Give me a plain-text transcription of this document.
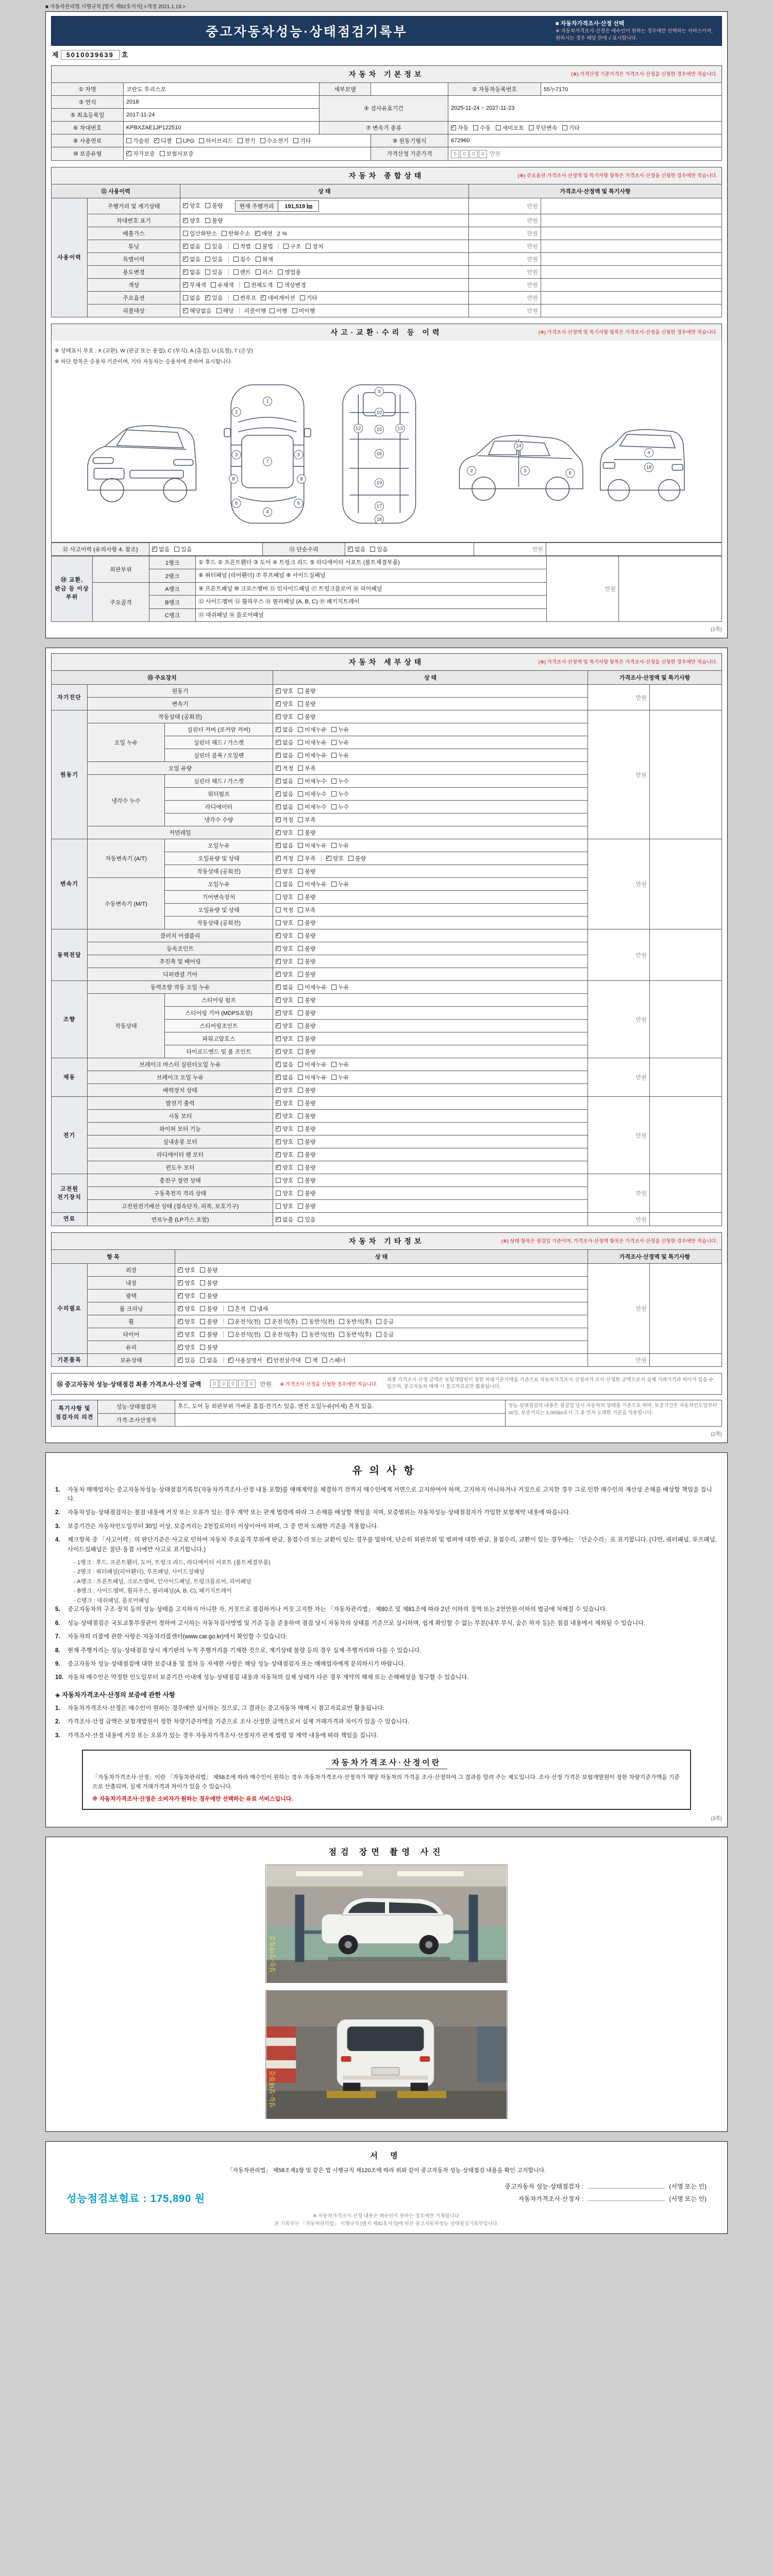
■ 자동차관리법 시행규칙 [별지 제82호서식] <개정 2021.1.19.>
중고자동차성능·상태점검기록부
■ 자동차가격조사·산정 선택
※ 자동차가격조사·산정은 매수인이 원하는 경우에만 선택하는 서비스이며, 원하시는 경우 해당 란에 √ 표시합니다.
제 5010039639 호
자동차 기본정보	(※) 가격산정 기준가격은 가격조사·산정을 신청한 경우에만 적습니다.
① 차명	코란도 투리스모	세부모델		② 자동차등록번호	55누7170
③ 연식	2018	④ 검사유효기간		2025-11-24 ~ 2027-11-23	
⑤ 최초등록일	2017-11-24				
⑥ 차대번호	KPBXZAE1JP122510	⑦ 변속기 종류	✓자동 수동 세미오토 무단변속 기타
⑧ 사용연료	가솔린 ✓ 디젤 LPG 하이브리드 전기 수소전기 기타		⑨ 원동기형식	672960	
⑩ 보증유형	✓자가보증 보험사보증		가격산정 기준가격	0 0 0 0 만원	
자동차 종합상태	(※) 주요옵션·가격조사·산정액 및 특기사항 항목은 가격조사·산정을 신청한 경우에만 적습니다.
⑪ 사용이력		상 태	가격조사·산정액 및 특기사항	
사용이력	주행거리 및 계기상태	✓양호 불량 현재 주행거리 191,519 ㎞	만원	
	차대번호 표기	✓양호 불량	만원	
	배출가스	일산화탄소 탄화수소 ✓ 매연 2 %	만원	
	튜닝	✓없음 있음 적법 불법 구조 장치	만원	
	특별이력	✓없음 있음 침수 화재	만원	
	용도변경	✓없음 있음 렌트 리스 영업용	만원	
	색상	✓무채색 유채색 전체도색 색상변경	만원	
	주요옵션	없음 ✓ 있음 썬루프 ✓ 네비게이션 기타	만원	
	리콜대상	✓해당없음 해당 리콜이행 이행 미이행	만원	
사고·교환·수리 등 이력	(※) 가격조사·산정액 및 특기사항 항목은 가격조사·산정을 신청한 경우에만 적습니다.
※ 상태표시 부호 : X (교환), W (판금 또는 용접), C (부식), A (흠집), U (요철), T (손상)
※ 하단 항목은 승용차 기준이며, 기타 자동차는 승용차에 준하여 표시합니다.
1
2
3	3
4
6	6
7
8	8
9
10
12	13
15
16
19
17
18
2	3	6
14
4
18
⑫ 사고이력 (유의사항 4. 참조)	✓없음 있음	⑬ 단순수리	✓없음 있음	만원	
⑭ 교환, 판금 등 이상 부위	외판부위	1랭크	① 후드 ② 프론트휀더 ③ 도어 ④ 트렁크 리드 ⑤ 라디에이터 서포트 (볼트체결부품)	만원	
		2랭크	⑥ 쿼터패널 (리어휀더) ⑦ 루프패널 ⑧ 사이드실패널		
	주요골격	A랭크	⑨ 프론트패널 ⑩ 크로스멤버 ⑪ 인사이드패널 ⑰ 트렁크플로어 ⑱ 리어패널		
		B랭크	⑫ 사이드멤버 ⑬ 휠하우스 ⑭ 필러패널 (A, B, C) ⑲ 패키지트레이		
		C랭크	⑮ 대쉬패널 ⑯ 플로어패널		
(1쪽)
자동차 세부상태	(※) 가격조사·산정액 및 특기사항 항목은 가격조사·산정을 신청한 경우에만 적습니다.
⑮ 주요장치			상 태	가격조사·산정액 및 특기사항	
자기진단	원동기	✓양호 불량	만원	
	변속기	✓양호 불량
원동기	작동상태 (공회전)	✓양호 불량	만원	
	오일 누유	실린더 커버 (로커암 커버)	✓없음 미세누유 누유
		실린더 헤드 / 가스켓	✓없음 미세누유 누유
		실린더 블록 / 오일팬	✓없음 미세누유 누유
	오일 유량	✓적정 부족
	냉각수 누수	실린더 헤드 / 가스켓	✓없음 미세누수 누수
		워터펌프	✓없음 미세누수 누수
		라디에이터	✓없음 미세누수 누수
		냉각수 수량	✓적정 부족
	커먼레일	✓양호 불량
변속기	자동변속기 (A/T)	오일누유	✓없음 미세누유 누유	만원	
		오일유량 및 상태	✓적정 부족 ✓ 양호 불량
		작동상태 (공회전)	✓양호 불량
	수동변속기 (M/T)	오일누유	없음 미세누유 누유		
		기어변속장치	양호 불량		
		오일유량 및 상태	적정 부족		
		작동상태 (공회전)	양호 불량		
동력전달	클러치 어셈블리	✓양호 불량	만원	
	등속조인트	✓양호 불량
	추진축 및 베어링	✓양호 불량
	디퍼렌셜 기어	✓양호 불량
조향	동력조향 작동 오일 누유	✓없음 미세누유 누유	만원	
	작동상태	스티어링 펌프	✓양호 불량
		스티어링 기어 (MDPS포함)	✓양호 불량
		스티어링조인트	✓양호 불량
		파워고압호스	✓양호 불량
		타이로드엔드 및 볼 조인트	✓양호 불량
제동	브레이크 마스터 실린더오일 누유	✓없음 미세누유 누유	만원	
	브레이크 오일 누유	✓없음 미세누유 누유
	배력장치 상태	✓양호 불량
전기	발전기 출력	✓양호 불량	만원	
	시동 모터	✓양호 불량
	와이퍼 모터 기능	✓양호 불량
	실내송풍 모터	✓양호 불량
	라디에이터 팬 모터	✓양호 불량
	윈도우 모터	✓양호 불량
고전원 전기장치	충전구 절연 상태		양호 불량	만원	
	구동축전지 격리 상태		양호 불량		
	고전원전기배선 상태 (접속단자, 피복, 보호기구)		양호 불량		
연료	연료누출 (LP가스 포함)	✓없음 있음	만원	
자동차 기타정보	(※) 상태 항목은 점검일 기준이며, 가격조사·산정액 항목은 가격조사·산정을 신청한 경우에만 적습니다.
항 목		상 태	가격조사·산정액 및 특기사항	
수리필요	외장	✓양호 불량	만원	
	내장	✓양호 불량
	광택	✓양호 불량
	룸 크리닝	✓양호 불량 흔적 냄새
	휠	✓양호 불량 운전석(전) 운전석(후) 동반석(전) 동반석(후) 응급
	타이어	✓양호 불량 운전석(전) 운전석(후) 동반석(전) 동반석(후) 응급
	유리	✓양호 불량
기본품목	보유상태	✓있음 없음 ✓ 사용설명서 ✓ 안전삼각대 잭 스패너	만원	
⑯ 중고자동차 성능·상태점검 최종 가격조사·산정 금액	0 0 0 0 0	만원 ※ 가격조사·산정을 신청한 경우에만 적습니다.
최종 가격조사·산정 금액은 보험개발원이 정한 차량기준가액을 기준으로 자동차가격조사·산정자가 조사·산정한 금액으로서 실제 거래가격과 차이가 있을 수 있으며, 중고자동차 매매 시 참고자료로만 활용됩니다.
특기사항 및 점검자의 의견	성능·상태점검자	후드, 도어 등 외판부위 가벼운 흠집·잔기스 있음. 엔진 오일누유(미세) 흔적 있음.	성능·상태점검의 내용은 점검일 당시 자동차의 상태를 기준으로 하며, 보증기간은 자동차인도일부터 30일, 보증거리는 2,000㎞로서 그 중 먼저 도래한 기준을 적용합니다.
	가격·조사산정자		
(2쪽)
유의사항
1.	자동차 매매업자는 중고자동차성능·상태점검기록부(자동차가격조사·산정 내용 포함)를 매매계약을 체결하기 전까지 매수인에게 서면으로 고지하여야 하며, 고지하지 아니하거나 거짓으로 고지한 경우 그로 인한 매수인의 재산상 손해를 배상할 책임을 집니다.
2.	자동차성능·상태점검자는 점검 내용에 거짓 또는 오류가 있는 경우 계약 또는 관계 법령에 따라 그 손해를 배상할 책임을 지며, 보증범위는 자동차성능·상태점검자가 가입한 보험계약 내용에 따릅니다.
3.	보증기간은 자동차인도일부터 30일 이상, 보증거리는 2천킬로미터 이상이어야 하며, 그 중 먼저 도래한 기준을 적용합니다.
4.	체크항목 중 「사고이력」의 판단기준은 사고로 인하여 자동차 주요골격 부위에 판금, 용접수리 또는 교환이 있는 경우를 말하며, 단순히 외판부위 및 범퍼에 대한 판금, 용접수리, 교환이 있는 경우에는 「단순수리」로 표기합니다. (다만, 쿼터패널, 루프패널, 사이드실패널은 절단·용접 시에만 사고로 표기합니다.)
- 1랭크 : 후드, 프론트휀더, 도어, 트렁크 리드, 라디에이터 서포트 (볼트체결부품)
- 2랭크 : 쿼터패널(리어휀더), 루프패널, 사이드실패널
- A랭크 : 프론트패널, 크로스멤버, 인사이드패널, 트렁크플로어, 리어패널
- B랭크 : 사이드멤버, 휠하우스, 필러패널(A, B, C), 패키지트레이
- C랭크 : 대쉬패널, 플로어패널
5.	중고자동차의 구조·장치 등의 성능·상태를 고지하지 아니한 자, 거짓으로 점검하거나 거짓 고지한 자는 「자동차관리법」 제80조 및 제81조에 따라 2년 이하의 징역 또는 2천만원 이하의 벌금에 처해질 수 있습니다.
6.	성능·상태점검은 국토교통부장관이 정하여 고시하는 자동차검사방법 및 기준 등을 준용하여 점검 당시 자동차의 상태를 기준으로 실시하며, 쉽게 확인할 수 없는 부분(내부 부식, 숨은 하자 등)은 점검 내용에서 제외될 수 있습니다.
7.	자동차의 리콜에 관한 사항은 자동차리콜센터(www.car.go.kr)에서 확인할 수 있습니다.
8.	현재 주행거리는 성능·상태점검 당시 계기판의 누적 주행거리를 기재한 것으로, 계기상태 불량 등의 경우 실제 주행거리와 다를 수 있습니다.
9.	중고자동차 성능·상태점검에 대한 보증내용 및 절차 등 자세한 사항은 해당 성능·상태점검자 또는 매매업자에게 문의하시기 바랍니다.
10. 자동차 매수인은 약정한 인도일부터 보증기간 이내에 성능·상태점검 내용과 자동차의 실제 상태가 다른 경우 계약의 해제 또는 손해배상을 청구할 수 있습니다.
◈ 자동차가격조사·산정의 보증에 관한 사항
1.	자동차가격조사·산정은 매수인이 원하는 경우에만 실시하는 것으로, 그 결과는 중고자동차 매매 시 참고자료로만 활용됩니다.
2.	가격조사·산정 금액은 보험개발원이 정한 차량기준가액을 기준으로 조사·산정한 금액으로서 실제 거래가격과 차이가 있을 수 있습니다.
3.	가격조사·산정 내용에 거짓 또는 오류가 있는 경우 자동차가격조사·산정자가 관계 법령 및 계약 내용에 따라 책임을 집니다.
자동차가격조사·산정이란
「자동차가격조사·산정」이란 「자동차관리법」 제58조에 따라 매수인이 원하는 경우 자동차가격조사·산정자가 해당 자동차의 가격을 조사·산정하여 그 결과를 알려 주는 제도입니다. 조사·산정 가격은 보험개발원이 정한 차량기준가액을 기준으로 산출되며, 실제 거래가격과 차이가 있을 수 있습니다.
※ 자동차가격조사·산정은 소비자가 원하는 경우에만 선택하는 유료 서비스입니다.
(3쪽)
점검 장면 촬영 사진
성능·상태점검
성능·상태점검
서 명
「자동차관리법」 제58조제1항 및 같은 법 시행규칙 제120조에 따라 위와 같이 중고자동차 성능·상태점검 내용을 확인·고지합니다.
성능점검보험료 : 175,890 원
중고자동차 성능·상태점검자 :	(서명 또는 인)
자동차가격조사·산정자 :	(서명 또는 인)
※ 자동차가격조사·산정 내용은 매수인이 원하는 경우에만 기재됩니다.
본 기록부는 「자동차관리법」 시행규칙 [별지 제82호서식]에 따른 중고자동차성능·상태점검기록부입니다.
